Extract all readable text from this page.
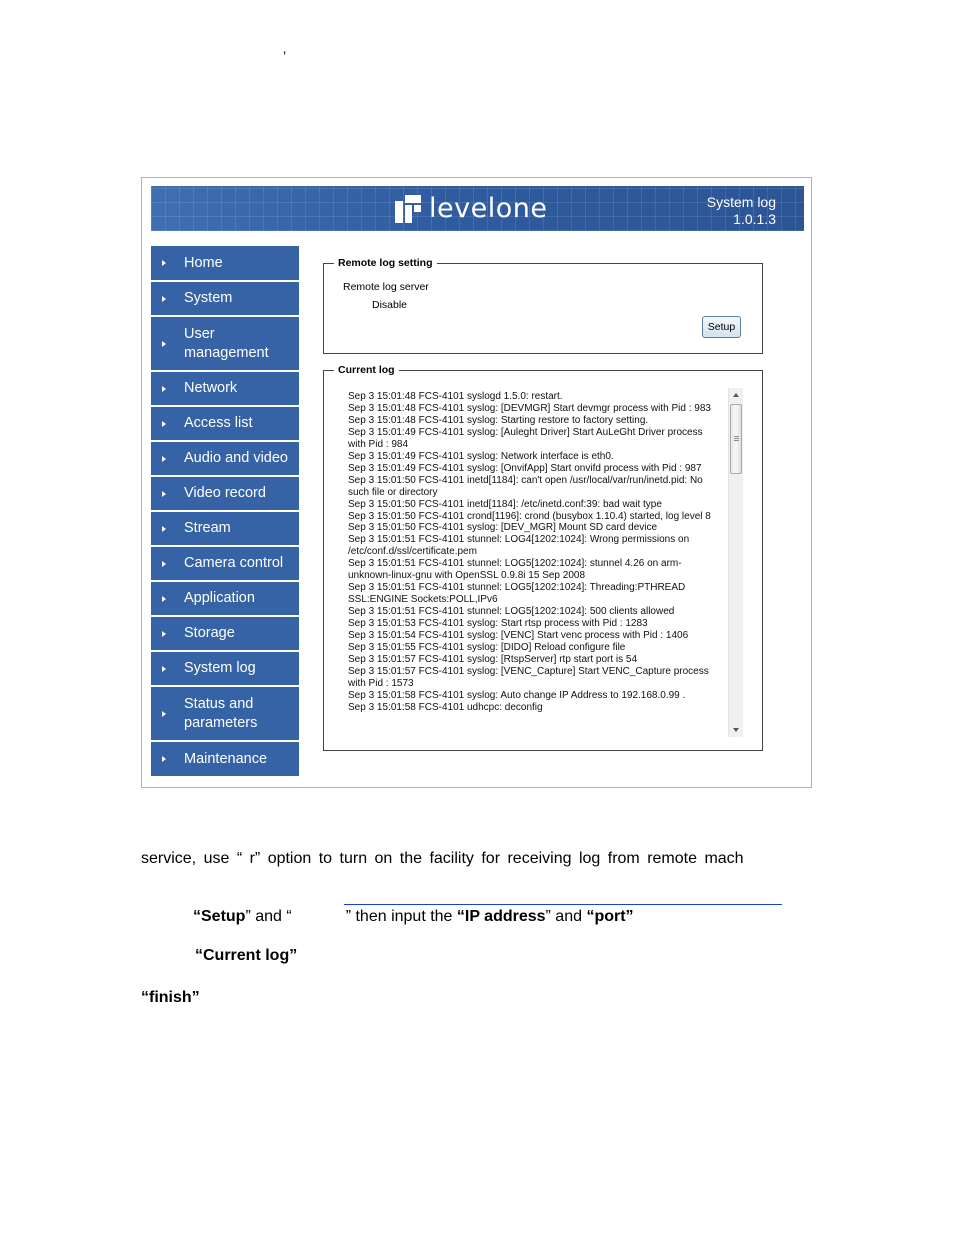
’
levelone	System log
1.0.1.3
Home
System
User management
Network
Access list
Audio and video
Video record
Stream
Camera control
Application
Storage
System log
Status and parameters
Maintenance
Remote log setting
Remote log server
Disable
Setup
Current log
Sep 3 15:01:48 FCS-4101 syslogd 1.5.0: restart.
Sep 3 15:01:48 FCS-4101 syslog: [DEVMGR] Start devmgr process with Pid : 983
Sep 3 15:01:48 FCS-4101 syslog: Starting restore to factory setting.
Sep 3 15:01:49 FCS-4101 syslog: [Auleght Driver] Start AuLeGht Driver process with Pid : 984
Sep 3 15:01:49 FCS-4101 syslog: Network interface is eth0.
Sep 3 15:01:49 FCS-4101 syslog: [OnvifApp] Start onvifd process with Pid : 987
Sep 3 15:01:50 FCS-4101 inetd[1184]: can't open /usr/local/var/run/inetd.pid: No such file or directory
Sep 3 15:01:50 FCS-4101 inetd[1184]: /etc/inetd.conf:39: bad wait type
Sep 3 15:01:50 FCS-4101 crond[1196]: crond (busybox 1.10.4) started, log level 8
Sep 3 15:01:50 FCS-4101 syslog: [DEV_MGR] Mount SD card device
Sep 3 15:01:51 FCS-4101 stunnel: LOG4[1202:1024]: Wrong permissions on /etc/conf.d/ssl/certificate.pem
Sep 3 15:01:51 FCS-4101 stunnel: LOG5[1202:1024]: stunnel 4.26 on arm-unknown-linux-gnu with OpenSSL 0.9.8i 15 Sep 2008
Sep 3 15:01:51 FCS-4101 stunnel: LOG5[1202:1024]: Threading:PTHREAD SSL:ENGINE Sockets:POLL,IPv6
Sep 3 15:01:51 FCS-4101 stunnel: LOG5[1202:1024]: 500 clients allowed
Sep 3 15:01:53 FCS-4101 syslog: Start rtsp process with Pid : 1283
Sep 3 15:01:54 FCS-4101 syslog: [VENC] Start venc process with Pid : 1406
Sep 3 15:01:55 FCS-4101 syslog: [DIDO] Reload configure file
Sep 3 15:01:57 FCS-4101 syslog: [RtspServer] rtp start port is 54
Sep 3 15:01:57 FCS-4101 syslog: [VENC_Capture] Start VENC_Capture process with Pid : 1573
Sep 3 15:01:58 FCS-4101 syslog: Auto change IP Address to 192.168.0.99 .
Sep 3 15:01:58 FCS-4101 udhcpc: deconfig
service, use “ r” option to turn on the facility for receiving log from remote mach
“Setup” and “	” then input the “IP address” and “port”
“Current log”
“finish”
